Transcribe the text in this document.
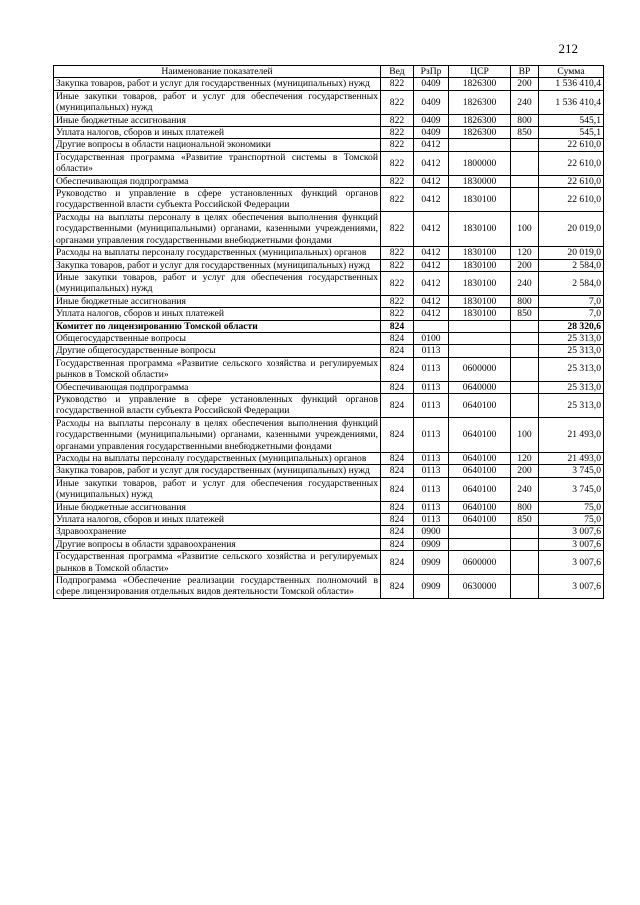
212
Наименование показателей	Вед	РзПр	ЦСР	ВР	Сумма
Закупка товаров, работ и услуг для государственных (муниципальных) нужд	822	0409	1826300	200	1 536 410,4
Иные закупки товаров, работ и услуг для обеспечения государственных (муниципальных) нужд	822	0409	1826300	240	1 536 410,4
Иные бюджетные ассигнования	822	0409	1826300	800	545,1
Уплата налогов, сборов и иных платежей	822	0409	1826300	850	545,1
Другие вопросы в области национальной экономики	822	0412			22 610,0
Государственная программа «Развитие транспортной системы в Томской области»	822	0412	1800000		22 610,0
Обеспечивающая подпрограмма	822	0412	1830000		22 610,0
Руководство и управление в сфере установленных функций органов государственной власти субъекта Российской Федерации	822	0412	1830100		22 610,0
Расходы на выплаты персоналу в целях обеспечения выполнения функций государственными (муниципальными) органами, казенными учреждениями, органами управления государственными внебюджетными фондами	822	0412	1830100	100	20 019,0
Расходы на выплаты персоналу государственных (муниципальных) органов	822	0412	1830100	120	20 019,0
Закупка товаров, работ и услуг для государственных (муниципальных) нужд	822	0412	1830100	200	2 584,0
Иные закупки товаров, работ и услуг для обеспечения государственных (муниципальных) нужд	822	0412	1830100	240	2 584,0
Иные бюджетные ассигнования	822	0412	1830100	800	7,0
Уплата налогов, сборов и иных платежей	822	0412	1830100	850	7,0
Комитет по лицензированию Томской области	824				28 320,6
Общегосударственные вопросы	824	0100			25 313,0
Другие общегосударственные вопросы	824	0113			25 313,0
Государственная программа «Развитие сельского хозяйства и регулируемых рынков в Томской области»	824	0113	0600000		25 313,0
Обеспечивающая подпрограмма	824	0113	0640000		25 313,0
Руководство и управление в сфере установленных функций органов государственной власти субъекта Российской Федерации	824	0113	0640100		25 313,0
Расходы на выплаты персоналу в целях обеспечения выполнения функций государственными (муниципальными) органами, казенными учреждениями, органами управления государственными внебюджетными фондами	824	0113	0640100	100	21 493,0
Расходы на выплаты персоналу государственных (муниципальных) органов	824	0113	0640100	120	21 493,0
Закупка товаров, работ и услуг для государственных (муниципальных) нужд	824	0113	0640100	200	3 745,0
Иные закупки товаров, работ и услуг для обеспечения государственных (муниципальных) нужд	824	0113	0640100	240	3 745,0
Иные бюджетные ассигнования	824	0113	0640100	800	75,0
Уплата налогов, сборов и иных платежей	824	0113	0640100	850	75,0
Здравоохранение	824	0900			3 007,6
Другие вопросы в области здравоохранения	824	0909			3 007,6
Государственная программа «Развитие сельского хозяйства и регулируемых рынков в Томской области»	824	0909	0600000		3 007,6
Подпрограмма «Обеспечение реализации государственных полномочий в сфере лицензирования отдельных видов деятельности Томской области»	824	0909	0630000		3 007,6
